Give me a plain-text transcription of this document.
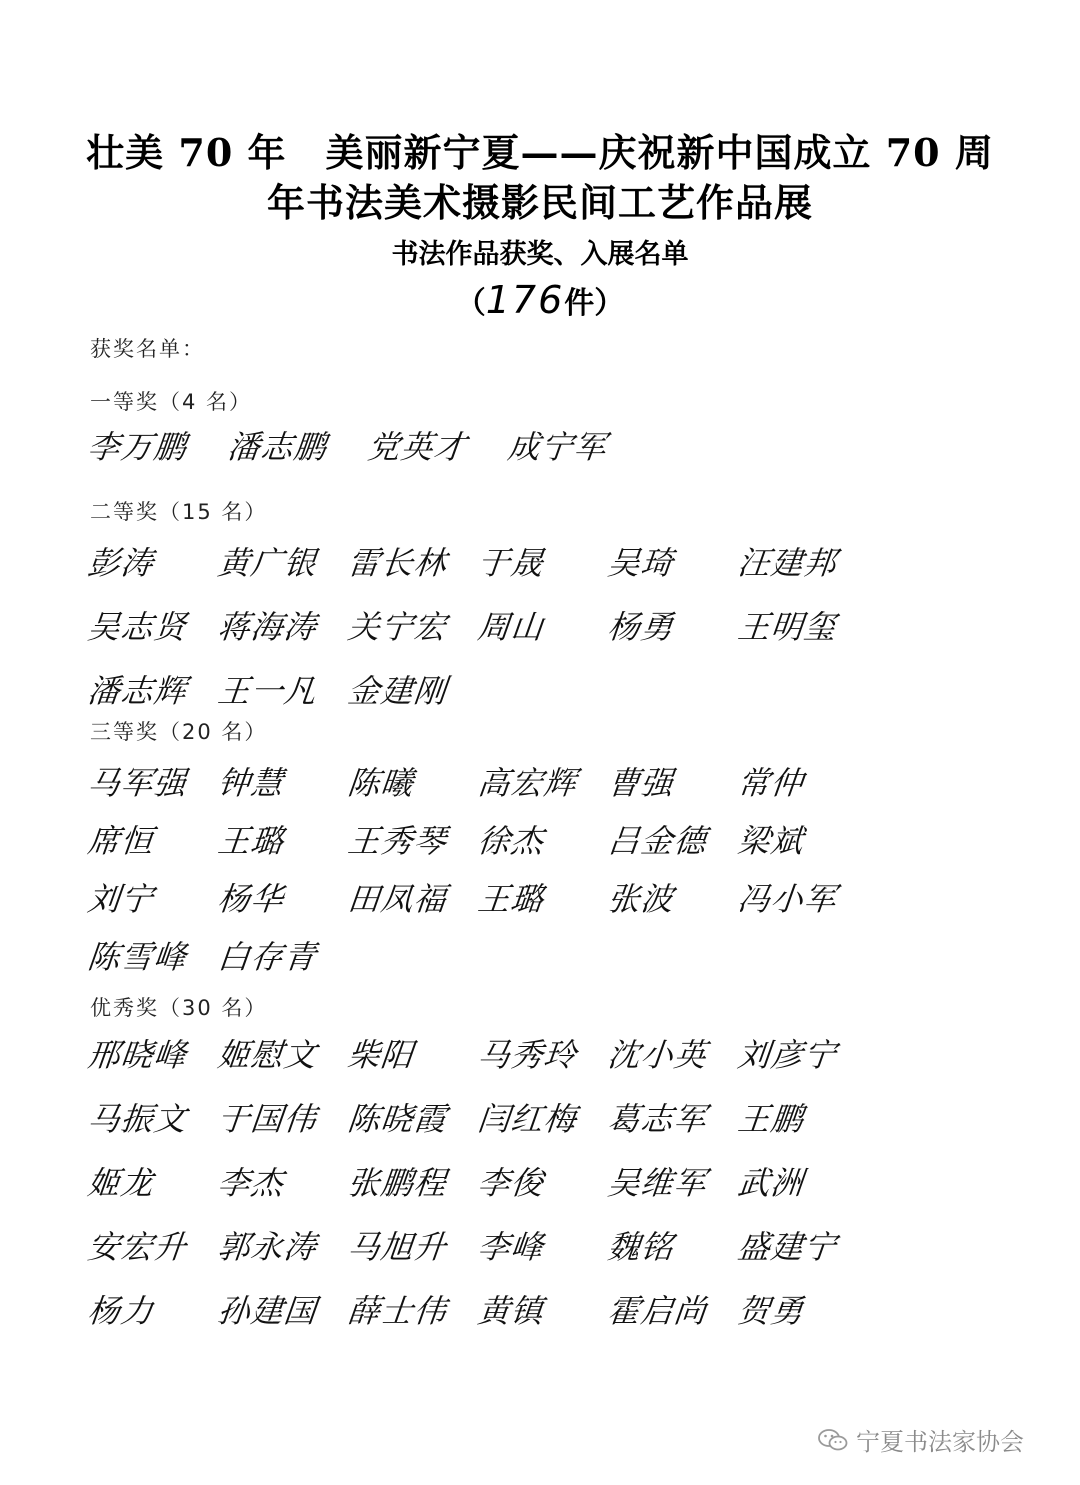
壮美 70 年　美丽新宁夏——庆祝新中国成立 70 周
年书法美术摄影民间工艺作品展
书法作品获奖、入展名单
（176件）
获奖名单：
一等奖（4 名）
李万鹏	潘志鹏	党英才	成宁军
二等奖（15 名）
彭涛	黄广银 雷长林 于晟	吴琦	汪建邦
吴志贤 蒋海涛 关宁宏 周山	杨勇	王明玺
潘志辉 王一凡 金建刚
三等奖（20 名）
马军强 钟慧	陈曦	高宏辉 曹强	常仲
席恒	王璐	王秀琴 徐杰	吕金德 梁斌
刘宁	杨华	田凤福 王璐	张波	冯小军
陈雪峰 白存青
优秀奖（30 名）
邢晓峰 姬慰文 柴阳	马秀玲 沈小英 刘彦宁
马振文 于国伟 陈晓霞 闫红梅 葛志军 王鹏
姬龙	李杰	张鹏程 李俊	吴维军 武洲
安宏升 郭永涛 马旭升 李峰	魏铭	盛建宁
杨力	孙建国 薛士伟 黄镇	霍启尚 贺勇
宁夏书法家协会
